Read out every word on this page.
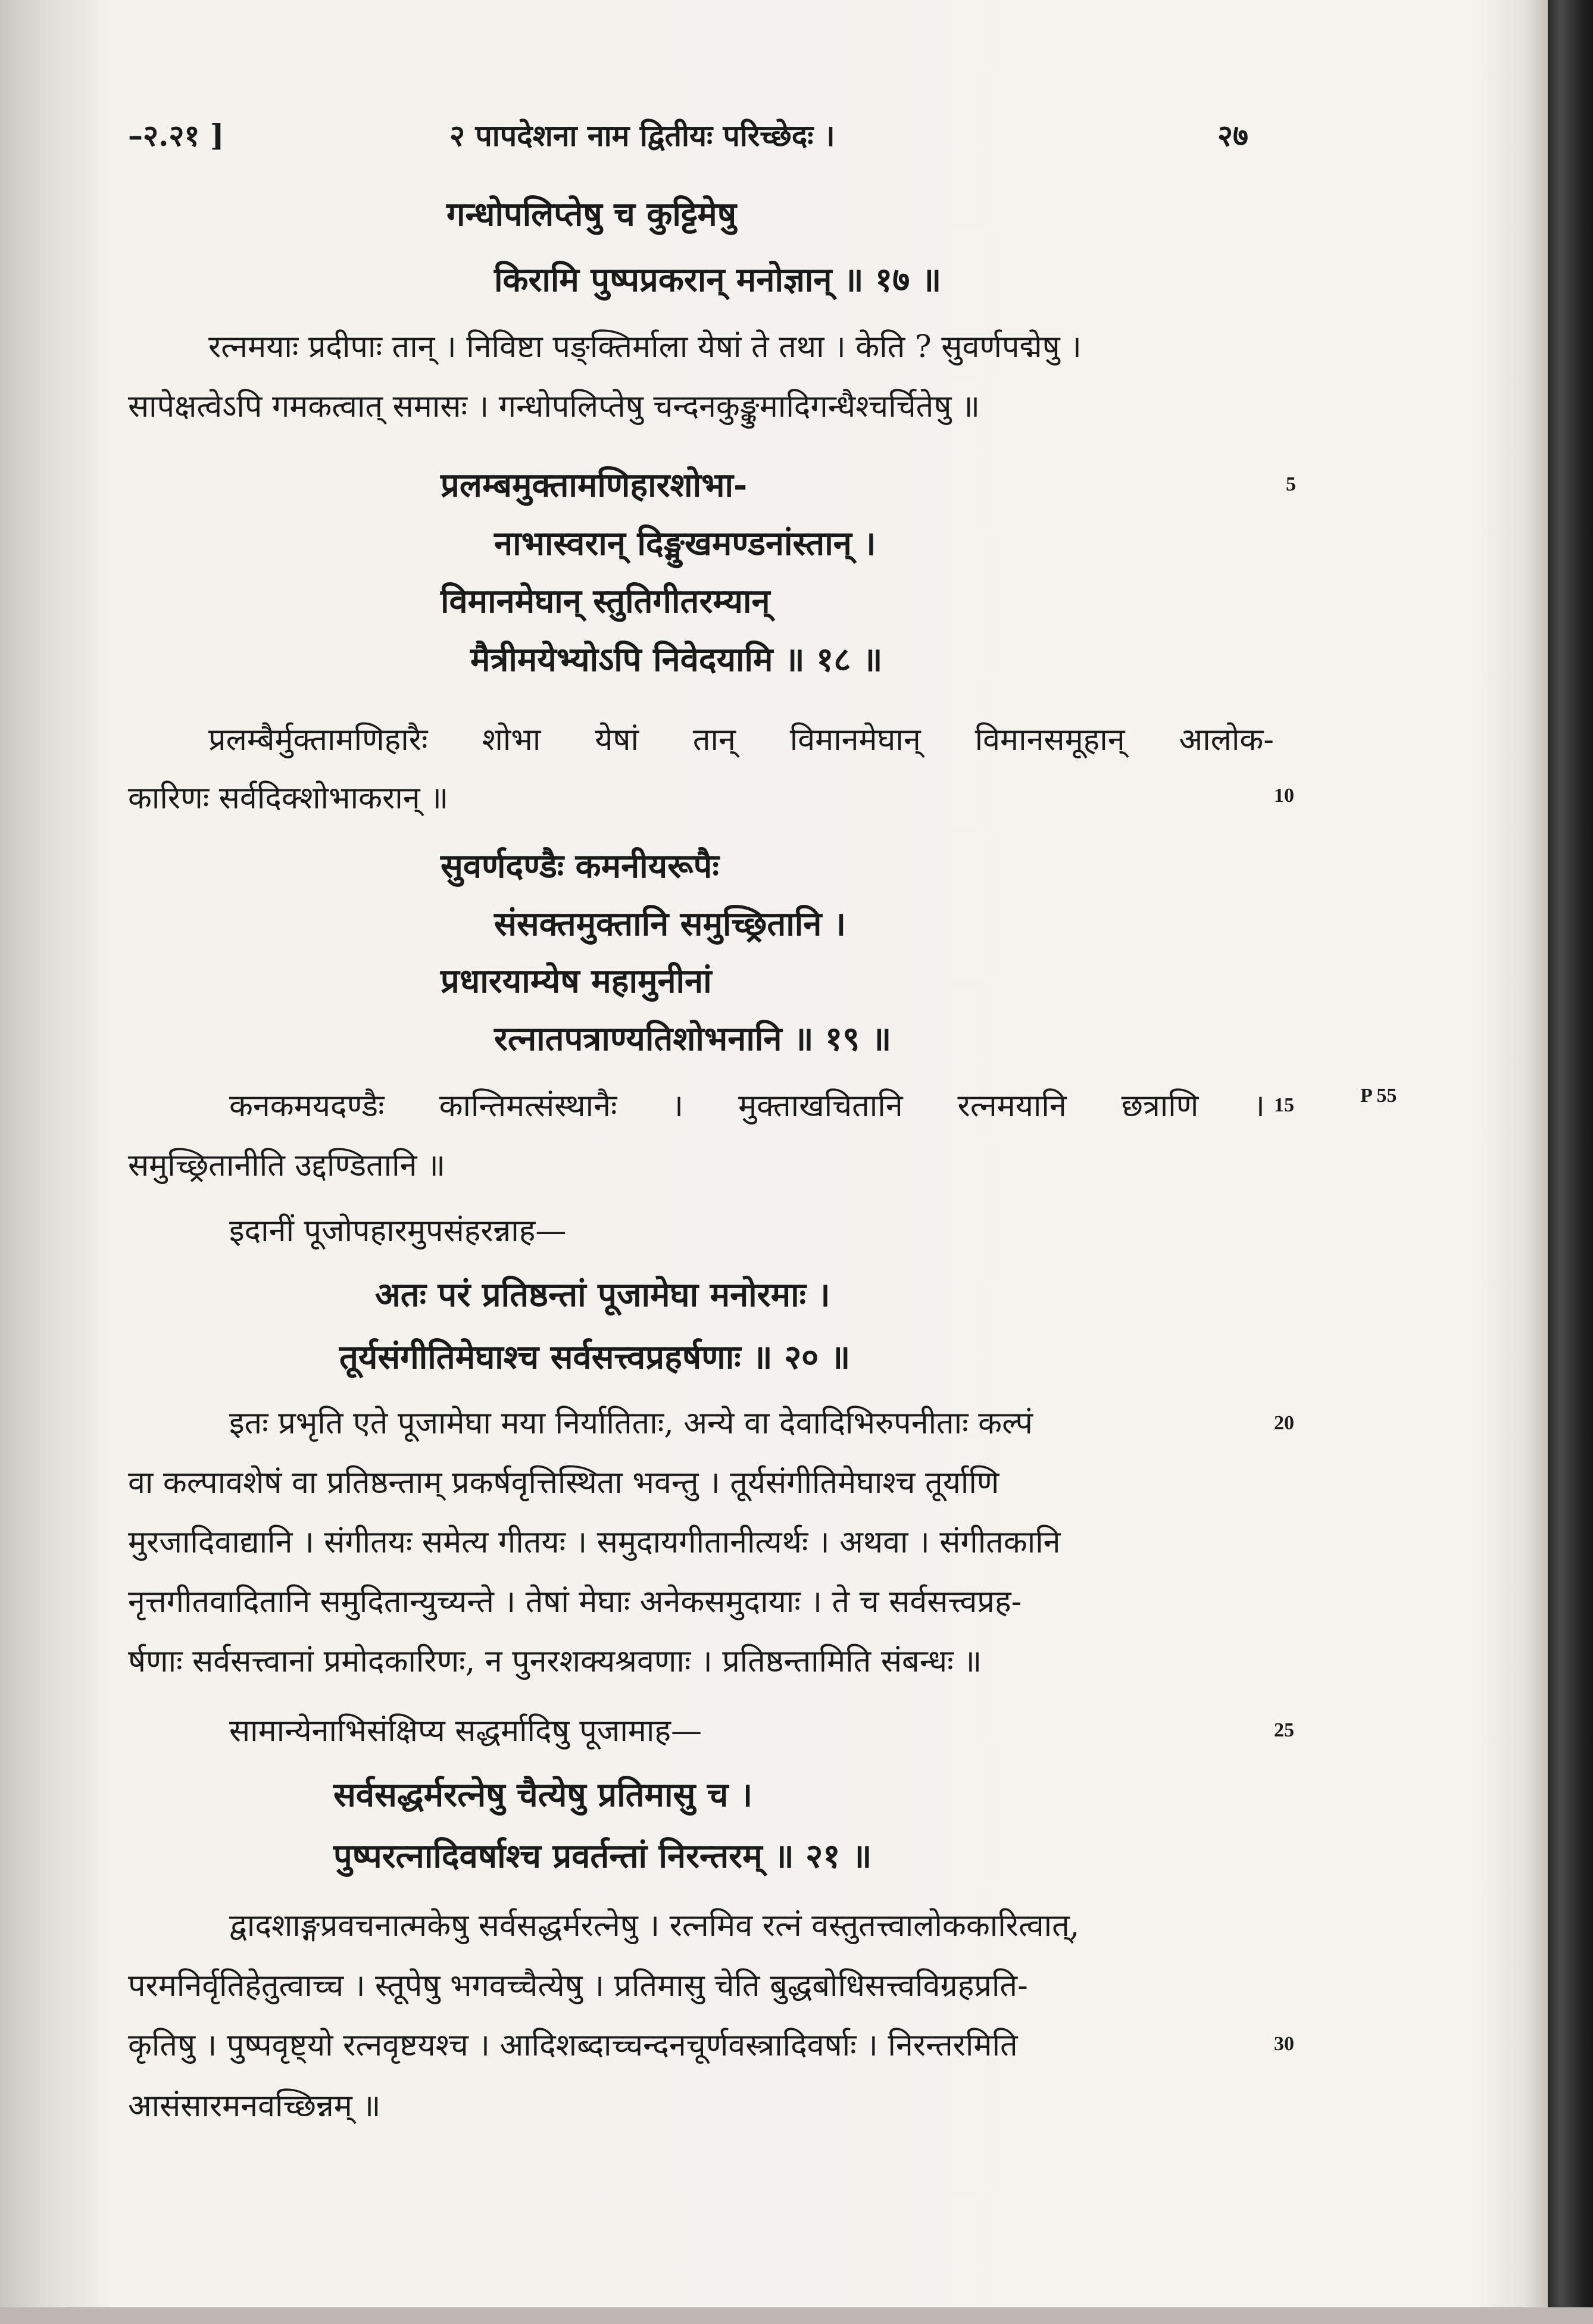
–२.२१ ]	२ पापदेशना नाम द्वितीयः परिच्छेदः ।	२७
गन्धोपलिप्तेषु च कुट्टिमेषु
किरामि पुष्पप्रकरान् मनोज्ञान् ॥ १७ ॥
रत्नमयाः प्रदीपाः तान् । निविष्टा पङ्क्तिर्माला येषां ते तथा । केति ? सुवर्णपद्मेषु ।
सापेक्षत्वेऽपि गमकत्वात् समासः । गन्धोपलिप्तेषु चन्दनकुङ्कुमादिगन्धैश्चर्चितेषु ॥
प्रलम्बमुक्तामणिहारशोभा-
नाभास्वरान् दिङ्मुखमण्डनांस्तान् ।
विमानमेघान् स्तुतिगीतरम्यान्
मैत्रीमयेभ्योऽपि निवेदयामि ॥ १८ ॥
प्रलम्बैर्मुक्तामणिहारैः शोभा येषां तान् विमानमेघान् विमानसमूहान् आलोक-
कारिणः सर्वदिक्शोभाकरान् ॥
सुवर्णदण्डैः कमनीयरूपैः
संसक्तमुक्तानि समुच्छ्रितानि ।
प्रधारयाम्येष महामुनीनां
रत्नातपत्राण्यतिशोभनानि ॥ १९ ॥
कनकमयदण्डैः कान्तिमत्संस्थानैः । मुक्ताखचितानि रत्नमयानि छत्राणि ।
समुच्छ्रितानीति उद्दण्डितानि ॥
इदानीं पूजोपहारमुपसंहरन्नाह—
अतः परं प्रतिष्ठन्तां पूजामेघा मनोरमाः ।
तूर्यसंगीतिमेघाश्च सर्वसत्त्वप्रहर्षणाः ॥ २० ॥
इतः प्रभृति एते पूजामेघा मया निर्यातिताः, अन्ये वा देवादिभिरुपनीताः कल्पं
वा कल्पावशेषं वा प्रतिष्ठन्ताम् प्रकर्षवृत्तिस्थिता भवन्तु । तूर्यसंगीतिमेघाश्च तूर्याणि
मुरजादिवाद्यानि । संगीतयः समेत्य गीतयः । समुदायगीतानीत्यर्थः । अथवा । संगीतकानि
नृत्तगीतवादितानि समुदितान्युच्यन्ते । तेषां मेघाः अनेकसमुदायाः । ते च सर्वसत्त्वप्रह-
र्षणाः सर्वसत्त्वानां प्रमोदकारिणः, न पुनरशक्यश्रवणाः । प्रतिष्ठन्तामिति संबन्धः ॥
सामान्येनाभिसंक्षिप्य सद्धर्मादिषु पूजामाह—
सर्वसद्धर्मरत्नेषु चैत्येषु प्रतिमासु च ।
पुष्परत्नादिवर्षाश्च प्रवर्तन्तां निरन्तरम् ॥ २१ ॥
द्वादशाङ्गप्रवचनात्मकेषु सर्वसद्धर्मरत्नेषु । रत्नमिव रत्नं वस्तुतत्त्वालोककारित्वात्,
परमनिर्वृतिहेतुत्वाच्च । स्तूपेषु भगवच्चैत्येषु । प्रतिमासु चेति बुद्धबोधिसत्त्वविग्रहप्रति-
कृतिषु । पुष्पवृष्ट्यो रत्नवृष्टयश्च । आदिशब्दाच्चन्दनचूर्णवस्त्रादिवर्षाः । निरन्तरमिति
आसंसारमनवच्छिन्नम् ॥
5
10
15
20
25
30
P 55
